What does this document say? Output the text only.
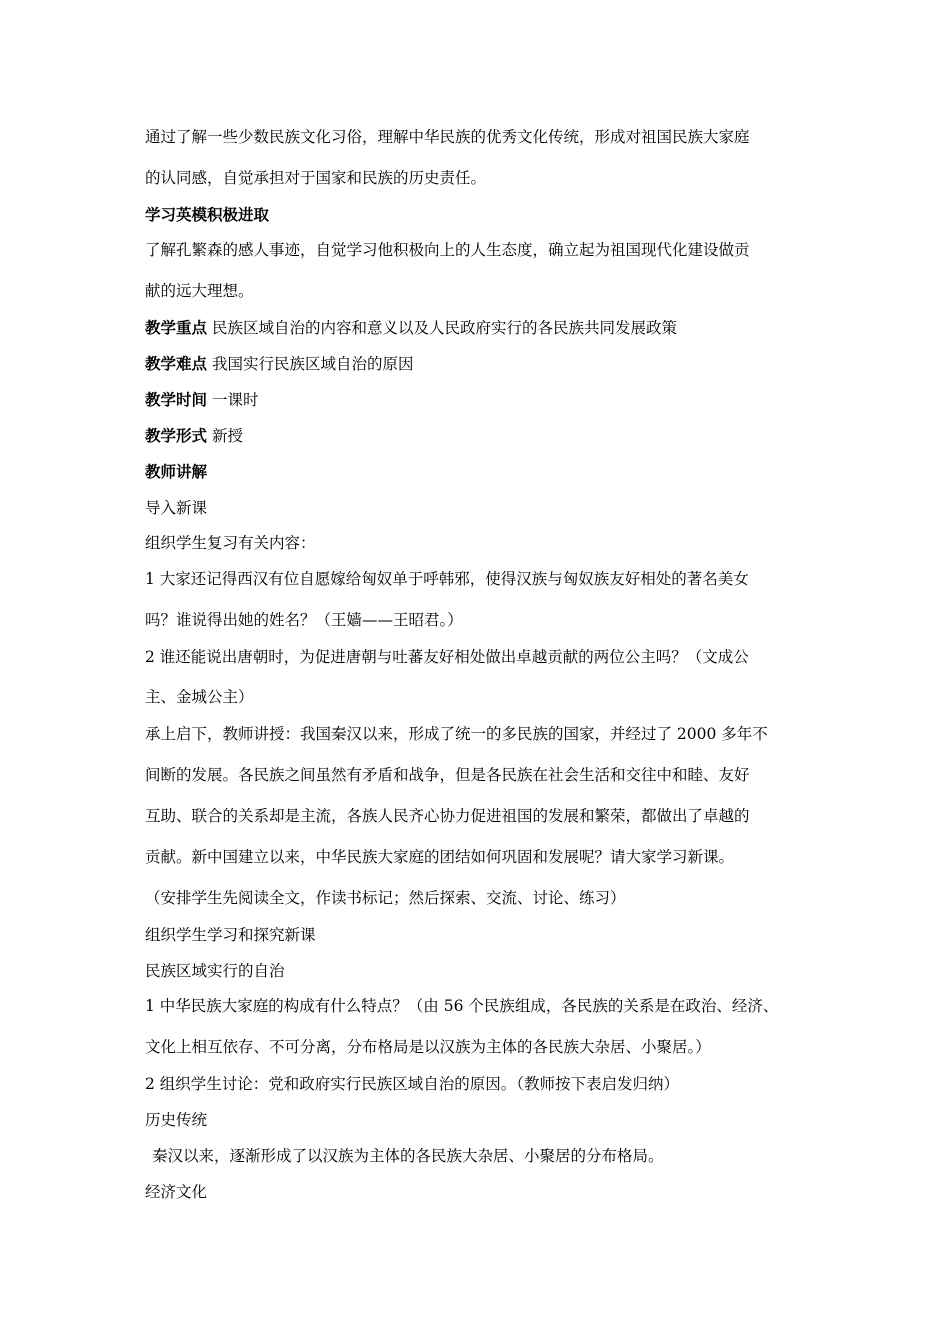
通过了解一些少数民族文化习俗，理解中华民族的优秀文化传统，形成对祖国民族大家庭
的认同感，自觉承担对于国家和民族的历史责任。
学习英模积极进取
了解孔繁森的感人事迹，自觉学习他积极向上的人生态度，确立起为祖国现代化建设做贡
献的远大理想。
教学重点 民族区域自治的内容和意义以及人民政府实行的各民族共同发展政策
教学难点 我国实行民族区域自治的原因
教学时间 一课时
教学形式 新授
教师讲解
导入新课
组织学生复习有关内容：
1 大家还记得西汉有位自愿嫁给匈奴单于呼韩邪，使得汉族与匈奴族友好相处的著名美女
吗？谁说得出她的姓名？（王嫱——王昭君。）
2 谁还能说出唐朝时，为促进唐朝与吐蕃友好相处做出卓越贡献的两位公主吗？（文成公
主、金城公主）
承上启下，教师讲授：我国秦汉以来，形成了统一的多民族的国家，并经过了 2000 多年不
间断的发展。各民族之间虽然有矛盾和战争，但是各民族在社会生活和交往中和睦、友好
互助、联合的关系却是主流，各族人民齐心协力促进祖国的发展和繁荣，都做出了卓越的
贡献。新中国建立以来，中华民族大家庭的团结如何巩固和发展呢？请大家学习新课。
（安排学生先阅读全文，作读书标记；然后探索、交流、讨论、练习）
组织学生学习和探究新课
民族区域实行的自治
1 中华民族大家庭的构成有什么特点？（由 56 个民族组成，各民族的关系是在政治、经济、
文化上相互依存、不可分离，分布格局是以汉族为主体的各民族大杂居、小聚居。）
2 组织学生讨论：党和政府实行民族区域自治的原因。（教师按下表启发归纳）
历史传统
秦汉以来，逐渐形成了以汉族为主体的各民族大杂居、小聚居的分布格局。
经济文化
